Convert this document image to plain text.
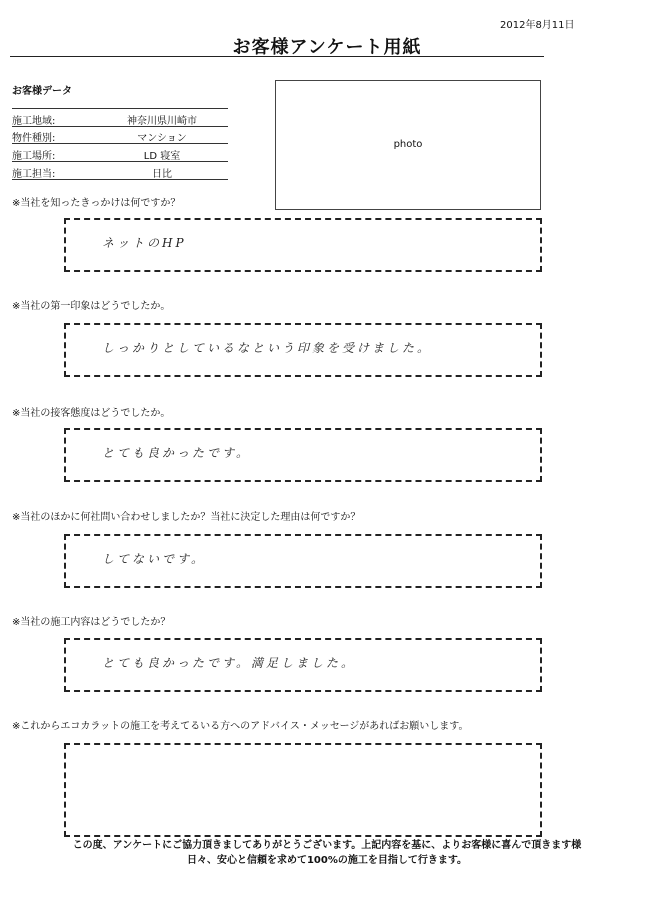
2012年8月11日
お客様アンケート用紙
お客様データ
施工地域:	神奈川県川崎市
物件種別:	マンション
施工場所:	LD 寝室
施工担当:	日比
photo
※当社を知ったきっかけは何ですか？
ネットのHP
※当社の第一印象はどうでしたか。
しっかりとしているなという印象を受けました。
※当社の接客態度はどうでしたか。
とても良かったです。
※当社のほかに何社問い合わせしましたか？当社に決定した理由は何ですか？
してないです。
※当社の施工内容はどうでしたか？
とても良かったです。満足しました。
※これからエコカラットの施工を考えてるいる方へのアドバイス・メッセージがあればお願いします。
この度、アンケートにご協力頂きましてありがとうございます。上記内容を基に、よりお客様に喜んで頂きます様
日々、安心と信頼を求めて100%の施工を目指して行きます。
